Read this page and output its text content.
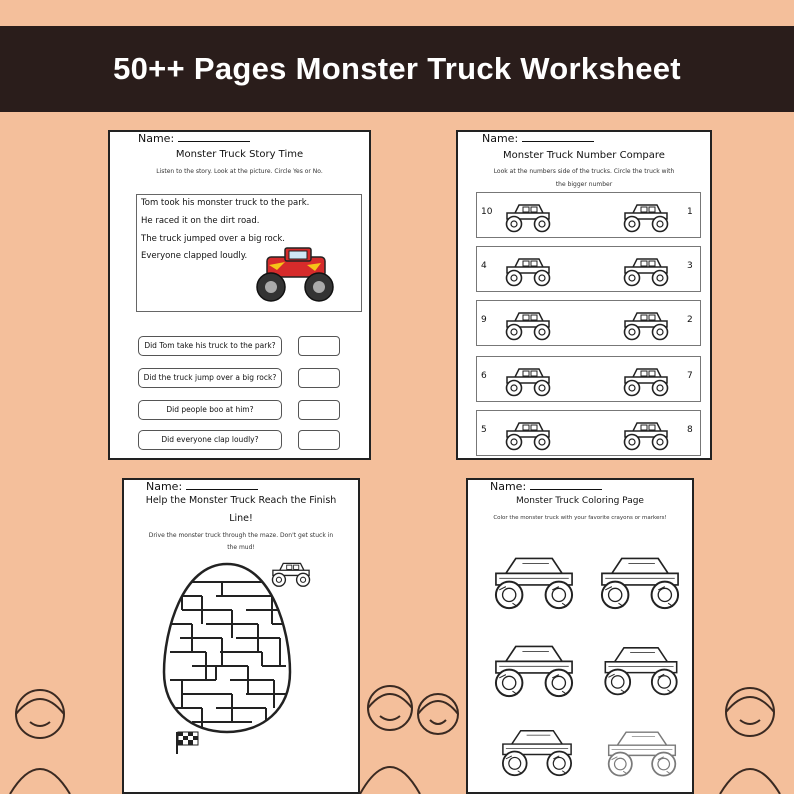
50++ Pages Monster Truck Worksheet
Name:
Monster Truck Story Time
Listen to the story. Look at the picture. Circle Yes or No.
Tom took his monster truck to the park.
He raced it on the dirt road.
The truck jumped over a big rock.
Everyone clapped loudly.
Did Tom take his truck to the park?
Did the truck jump over a big rock?
Did people boo at him?
Did everyone clap loudly?
Name:
Monster Truck Number Compare
Look at the numbers side of the trucks. Circle the truck with
the bigger number
10	1
4	3
9	2
6	7
5	8
Name:
Help the Monster Truck Reach the Finish
Line!
Drive the monster truck through the maze. Don't get stuck in
the mud!
Name:
Monster Truck Coloring Page
Color the monster truck with your favorite crayons or markers!
